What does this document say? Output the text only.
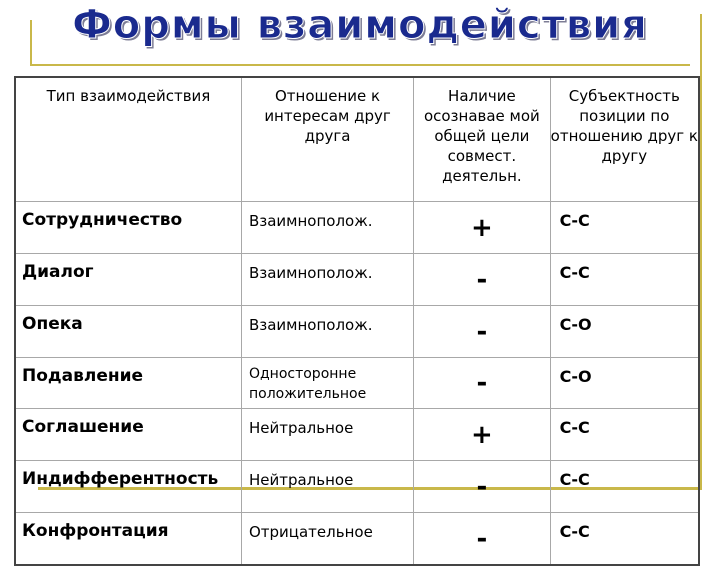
Формы взаимодействия
Тип взаимодействия	Отношение к интересам друг друга	Наличие осознавае мой общей цели совмест. деятельн.	Субъектность позиции по отношению друг к другу
Сотрудничество	Взаимнополож.	+	С-С
Диалог	Взаимнополож.	-	С-С
Опека	Взаимнополож.	-	С-О
Подавление	Односторонне положительное	-	С-О
Соглашение	Нейтральное	+	С-С
Индифферентность	Нейтральное	-	С-С
Конфронтация	Отрицательное	-	С-С
